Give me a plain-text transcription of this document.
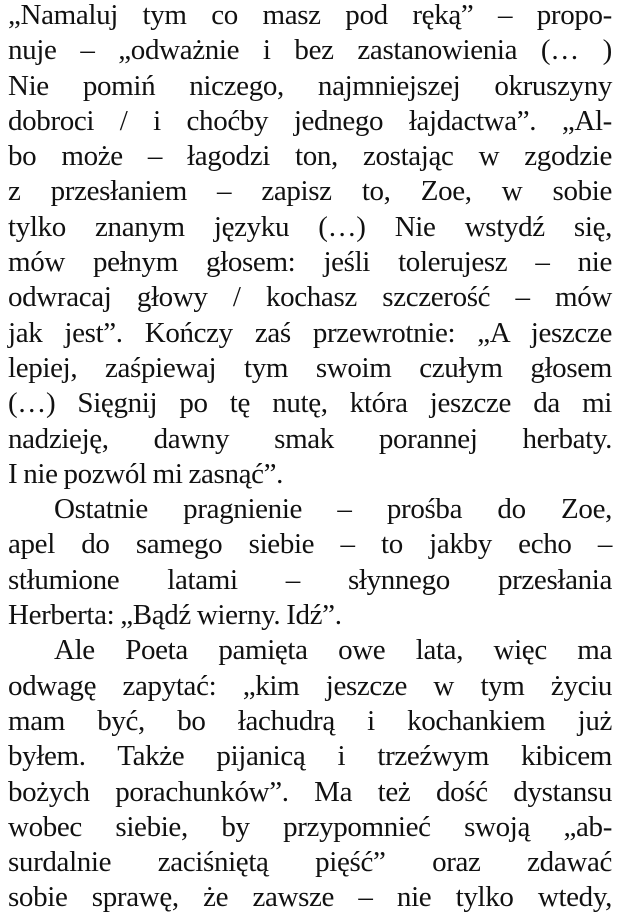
„Namaluj tym co masz pod ręką” – propo-
nuje – „odważnie i bez zastanowienia (… )
Nie pomiń niczego, najmniejszej okruszyny
dobroci / i choćby jednego łajdactwa”. „Al-
bo może – łagodzi ton, zostając w zgodzie
z przesłaniem – zapisz to, Zoe, w sobie
tylko znanym języku (…) Nie wstydź się,
mów pełnym głosem: jeśli tolerujesz – nie
odwracaj głowy / kochasz szczerość – mów
jak jest”. Kończy zaś przewrotnie: „A jeszcze
lepiej, zaśpiewaj tym swoim czułym głosem
(…) Sięgnij po tę nutę, która jeszcze da mi
nadzieję, dawny smak porannej herbaty.
I nie pozwól mi zasnąć”.
Ostatnie pragnienie – prośba do Zoe,
apel do samego siebie – to jakby echo –
stłumione latami – słynnego przesłania
Herberta: „Bądź wierny. Idź”.
Ale Poeta pamięta owe lata, więc ma
odwagę zapytać: „kim jeszcze w tym życiu
mam być, bo łachudrą i kochankiem już
byłem. Także pijanicą i trzeźwym kibicem
bożych porachunków”. Ma też dość dystansu
wobec siebie, by przypomnieć swoją „ab-
surdalnie zaciśniętą pięść” oraz zdawać
sobie sprawę, że zawsze – nie tylko wtedy,
